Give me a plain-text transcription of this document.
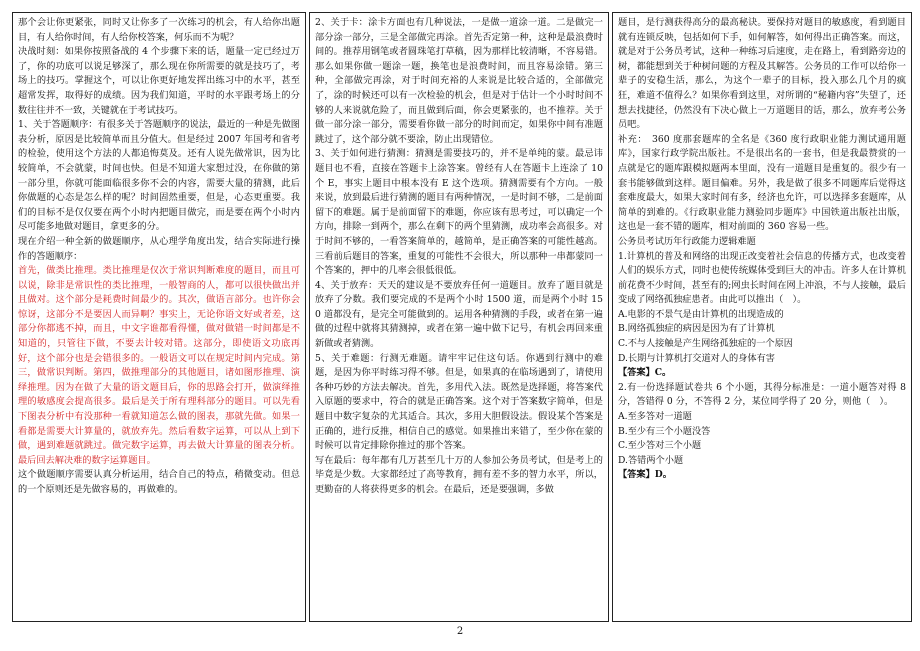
那个会让你更紧张，同时又让你多了一次练习的机会，有人给你出题目，有人给你时间，有人给你校答案，何乐而不为呢？
决战时刻：如果你按照备战的 4 个步骤下来的话，题量一定已经过万了，你的功底可以说足够深了，那么现在你所需要的就是技巧了，考场上的技巧。掌握这个，可以让你更好地发挥出练习中的水平，甚至超常发挥，取得好的成绩。因为我们知道，平时的水平跟考场上的分数往往并不一致，关键就在于考试技巧。
1、关于答题顺序：有很多关于答题顺序的说法，最近的一种是先做图表分析，原因是比较简单而且分值大。但是经过 2007 年国考和省考的检验，使用这个方法的人都追悔莫及。还有人说先做常识，因为比较简单，不会就蒙，时间也快。但是不知道大家想过没，在你做的第一部分里，你就可能面临很多你不会的内容，需要大量的猜测，此后你做题的心态是怎么样的呢？时间固然重要，但是，心态更重要。我们的目标不是仅仅要在两个小时内把题目做完，而是要在两个小时内尽可能多地做对题目，拿更多的分。
现在介绍一种全新的做题顺序，从心理学角度出发，结合实际进行操作的答题顺序：
首先，做类比推理。类比推理是仅次于常识判断难度的题目，而且可以说，除非是常识性的类比推理，一般智商的人，都可以很快做出并且做对。这个部分是耗费时间最少的。其次，做语言部分。也许你会惊讶，这部分不是要因人而异啊？事实上，无论你语文好或者差，这部分你都逃不掉，而且，中文字谁都看得懂，做对做错一时间都是不知道的，只管往下做，不要去计较对错。这部分，即使语文功底再好，这个部分也是会错很多的。一般语文可以在规定时间内完成。第三，做常识判断。第四，做推理部分的其他题目，诸如图形推理、演绎推理。因为在做了大量的语文题目后，你的思路会打开，做演绎推理的敏感度会提高很多。最后是关于所有理科部分的题目。可以先看下图表分析中有没那种一看就知道怎么做的图表，那就先做。如果一看都是需要大计算量的，就放弃先。然后看数字运算，可以从上到下做，遇到难题就跳过。做完数字运算，再去做大计算量的图表分析。最后回去解决难的数字运算题目。
这个做题顺序需要认真分析运用，结合自己的特点，稍微变动。但总的一个原则还是先做容易的，再做难的。
2、关于卡：涂卡方面也有几种说法，一是做一道涂一道。二是做完一部分涂一部分，三是全部做完再涂。首先否定第一种，这种是最浪费时间的。推荐用钢笔或者圆珠笔打草稿，因为那样比较清晰，不容易错。那么如果你做一题涂一题，换笔也是浪费时间，而且容易涂错。第三种，全部做完再涂，对于时间充裕的人来说是比较合适的，全部做完了，涂的时候还可以有一次检验的机会，但是对于估计一个小时时间不够的人来说就危险了，而且做到后面，你会更紧张的，也不推荐。关于做一部分涂一部分，需要看你做一部分的时间而定，如果你中间有准题跳过了，这个部分就不要涂，防止出现错位。
3、关于如何进行猜测：猜测是需要技巧的，并不是单纯的蒙。最忌讳题目也不看，直接在答题卡上涂答案。曾经有人在答题卡上连涂了 10 个 E，事实上题目中根本没有 E 这个选项。猜测需要有个方向。一般来说，放到最后进行猜测的题目有两种情况，一是时间不够，二是前面留下的难题。属于是前面留下的难题，你应该有思考过，可以确定一个方向，排除一到两个，那么在剩下的两个里猜测，成功率会高很多。对于时间不够的，一看答案简单的，越简单，是正确答案的可能性越高。三看前后题目的答案，重复的可能性不会很大，所以那种一串都蒙同一个答案的，押中的几率会很低很低。
4、关于放弃：天天的建议是不要放弃任何一道题目。放弃了题目就是放弃了分数。我们要完成的不是两个小时 1500 道，而是两个小时 150 道都没有，是完全可能做到的。运用各种猜测的手段，或者在第一遍做的过程中就将其猜测掉，或者在第一遍中做下记号，有机会再回来重新做或者猜测。
5、关于难题：行测无难题。请牢牢记住这句话。你遇到行测中的难题，是因为你平时练习得不够。但是，如果真的在临场遇到了，请使用各种巧妙的方法去解决。首先，多用代入法。既然是选择题，将答案代入原题的要求中，符合的就是正确答案。这个对于答案数字简单，但是题目中数字复杂的尤其适合。其次，多用大胆假设法。假设某个答案是正确的，进行反推，相信自己的感觉。如果推出来错了，至少你在蒙的时候可以肯定排除你推过的那个答案。
写在最后：每年都有几万甚至几十万的人参加公务员考试，但是考上的毕竟是少数。大家都经过了高等教育，拥有差不多的智力水平，所以，更勤奋的人将获得更多的机会。在最后，还是要强调，多做
题目，是行测获得高分的最高秘诀。要保持对题目的敏感度，看到题目就有连锁反映，包括如何下手，如何解答，如何得出正确答案。而这，就是对于公务员考试，这种一种练习后速度，走在路上，看到路旁边的树，都能想到关于种树问题的方程及其解答。公务员的工作可以给你一辈子的安稳生活，那么，为这个一辈子的目标，投入那么几个月的疯狂，难道不值得么？如果你看到这里，对所谓的“秘籍内容”失望了，还想去找捷径，仍然没有下决心做上一万道题目的话，那么，放弃考公务员吧。
补充：　360 度那套题库的全名是《360 度行政职业能力测试通用题库》，国家行政学院出版社。不是很出名的一套书，但是我最赞赏的一点就是它的题库跟模拟题两本里面，没有一道题目是重复的。很少有一套书能够做到这样。题目偏难。另外，我是做了很多不同题库后觉得这套难度最大，如果大家时间有多，经济也允许，可以选择多套题库，从简单的到难的。《行政职业能力测验同步题库》中国铁道出版社出版，这也是一套不错的题库，相对前面的 360 容易一些。
公务员考试历年行政能力逻辑难题
1.计算机的普及和网络的出现正改变着社会信息的传播方式，也改变着人们的娱乐方式，同时也使传统媒体受到巨大的冲击。许多人在计算机前花费不少时间，甚至有的;网虫长时间在网上冲浪，不与人接触，最后变成了网络孤独症患者。由此可以推出（　）。
A.电影的不景气是由计算机的出现造成的
B.网络孤独症的病因是因为有了计算机
C.不与人接触是产生网络孤独症的一个原因
D.长期与计算机打交道对人的身体有害
【答案】C。
2.有一份选择题试卷共 6 个小题，其得分标准是：一道小题答对得 8 分，答错得 0 分，不答得 2 分，某位同学得了 20 分，则他（　）。
A.至多答对一道题
B.至少有三个小题没答
C.至少答对三个小题
D.答错两个小题
【答案】D。
2
